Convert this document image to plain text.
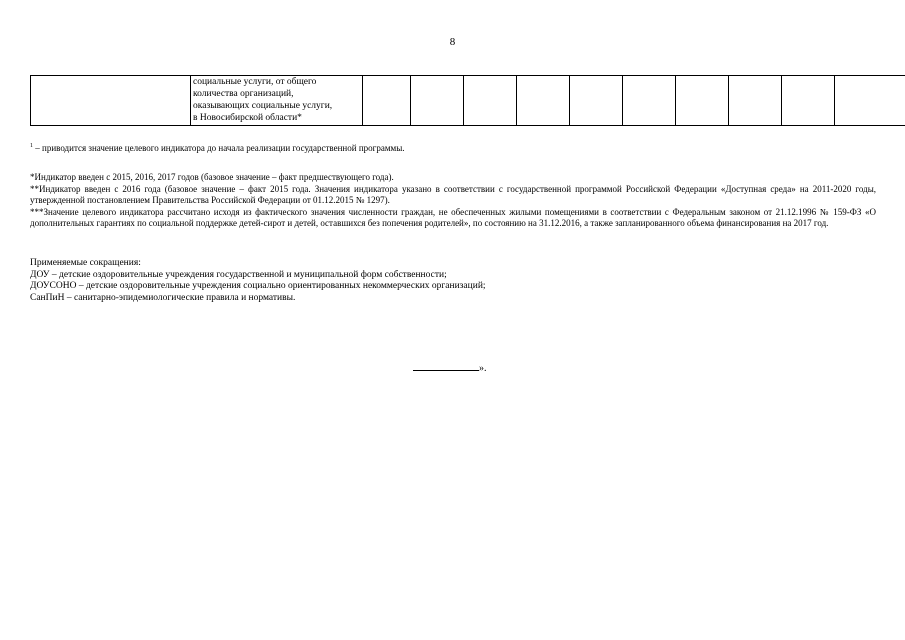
8

социальные услуги, от общего
количества организаций,
оказывающих социальные услуги,
в Новосибирской области*

$^1$ – приводится значение целевого индикатора до начала реализации государственной программы.
*Индикатор введен с 2015, 2016, 2017 годов (базовое значение – факт предшествующего года).
**Индикатор введен с 2016 года (базовое значение – факт 2015 года. Значения индикатора указано в соответствии с государственной программой Российской Федерации «Доступная среда» на 2011-2020 годы, утвержденной постановлением Правительства Российской Федерации от 01.12.2015 № 1297).
***Значение целевого индикатора рассчитано исходя из фактического значения численности граждан, не обеспеченных жилыми помещениями в соответствии с Федеральным законом от 21.12.1996 № 159-ФЗ «О дополнительных гарантиях по социальной поддержке детей-сирот и детей, оставшихся без попечения родителей», по состоянию на 31.12.2016, а также запланированного объема финансирования на 2017 год.
Применяемые сокращения:
ДОУ – детские оздоровительные учреждения государственной и муниципальной форм собственности;
ДОУСОНО – детские оздоровительные учреждения социально ориентированных некоммерческих организаций;
СанПиН – санитарно-эпидемиологические правила и нормативы.
».
